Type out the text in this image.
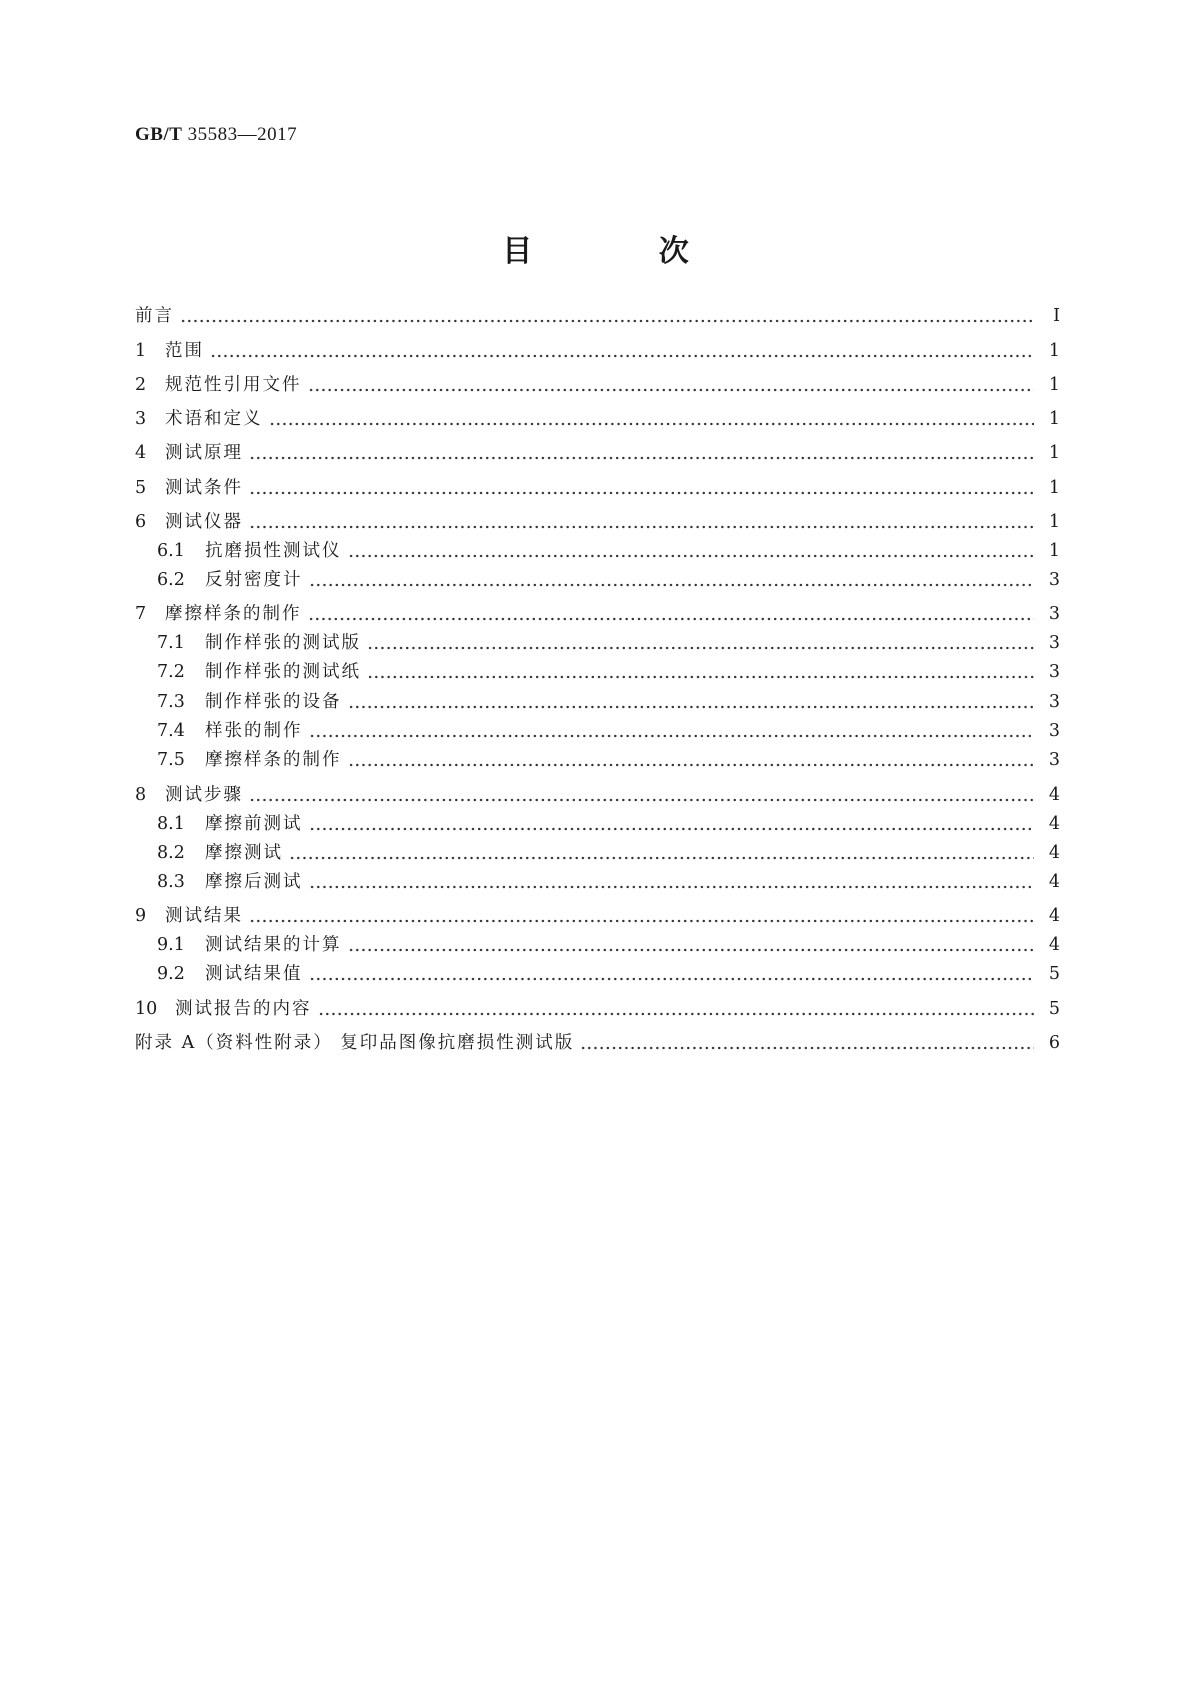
GB/T 35583—2017
目 次
前言	Ⅰ
1	范围	1
2	规范性引用文件	1
3	术语和定义	1
4	测试原理	1
5	测试条件	1
6	测试仪器	1
6.1	抗磨损性测试仪	1
6.2	反射密度计	3
7	摩擦样条的制作	3
7.1	制作样张的测试版	3
7.2	制作样张的测试纸	3
7.3	制作样张的设备	3
7.4	样张的制作	3
7.5	摩擦样条的制作	3
8	测试步骤	4
8.1	摩擦前测试	4
8.2	摩擦测试	4
8.3	摩擦后测试	4
9	测试结果	4
9.1	测试结果的计算	4
9.2	测试结果值	5
10	测试报告的内容	5
附录 A（资料性附录） 复印品图像抗磨损性测试版	6
